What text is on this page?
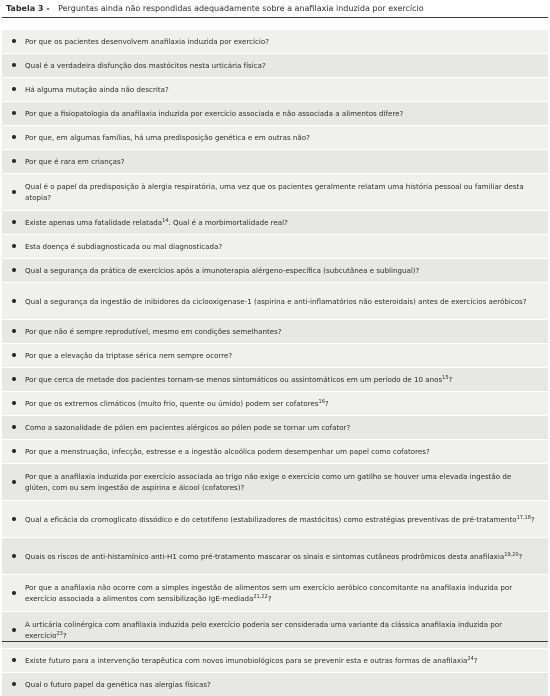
Tabela 3 - Perguntas ainda não respondidas adequadamente sobre a anafilaxia induzida por exercício
Por que os pacientes desenvolvem anafilaxia induzida por exercício?
Qual é a verdadeira disfunção dos mastócitos nesta urticária física?
Há alguma mutação ainda não descrita?
Por que a fisiopatologia da anafilaxia induzida por exercício associada e não associada a alimentos difere?
Por que, em algumas famílias, há uma predisposição genética e em outras não?
Por que é rara em crianças?
Qual é o papel da predisposição à alergia respiratória, uma vez que os pacientes geralmente relatam uma história pessoal ou familiar desta atopia?
Existe apenas uma fatalidade relatada$^{14}$. Qual é a morbimortalidade real?
Esta doença é subdiagnosticada ou mal diagnosticada?
Qual a segurança da prática de exercícios após a imunoterapia alérgeno-específica (subcutânea e sublingual)?
Qual a segurança da ingestão de inibidores da ciclooxigenase-1 (aspirina e anti-inflamatórios não esteroidais) antes de exercícios aeróbicos?
Por que não é sempre reprodutível, mesmo em condições semelhantes?
Por que a elevação da triptase sérica nem sempre ocorre?
Por que cerca de metade dos pacientes tornam-se menos sintomáticos ou assintomáticos em um período de 10 anos$^{15}$?
Por que os extremos climáticos (muito frio, quente ou úmido) podem ser cofatores$^{16}$?
Como a sazonalidade de pólen em pacientes alérgicos ao pólen pode se tornar um cofator?
Por que a menstruação, infecção, estresse e a ingestão alcoólica podem desempenhar um papel como cofatores?
Por que a anafilaxia induzida por exercício associada ao trigo não exige o exercício como um gatilho se houver uma elevada ingestão de glúten, com ou sem ingestão de aspirina e álcool (cofatores)?
Qual a eficácia do cromoglicato dissódico e do cetotifeno (estabilizadores de mastócitos) como estratégias preventivas de pré-tratamento$^{17,18}$?
Quais os riscos de anti-histamínico anti-H1 como pré-tratamento mascarar os sinais e sintomas cutâneos prodrômicos desta anafilaxia$^{19,20}$?
Por que a anafilaxia não ocorre com a simples ingestão de alimentos sem um exercício aeróbico concomitante na anafilaxia induzida por exercício associada a alimentos com sensibilização IgE-mediada$^{21,22}$?
A urticária colinérgica com anafilaxia induzida pelo exercício poderia ser considerada uma variante da clássica anafilaxia induzida por exercício$^{23}$?
Existe futuro para a intervenção terapêutica com novos imunobiológicos para se prevenir esta e outras formas de anafilaxia$^{24}$?
Qual o futuro papel da genética nas alergias físicas?
